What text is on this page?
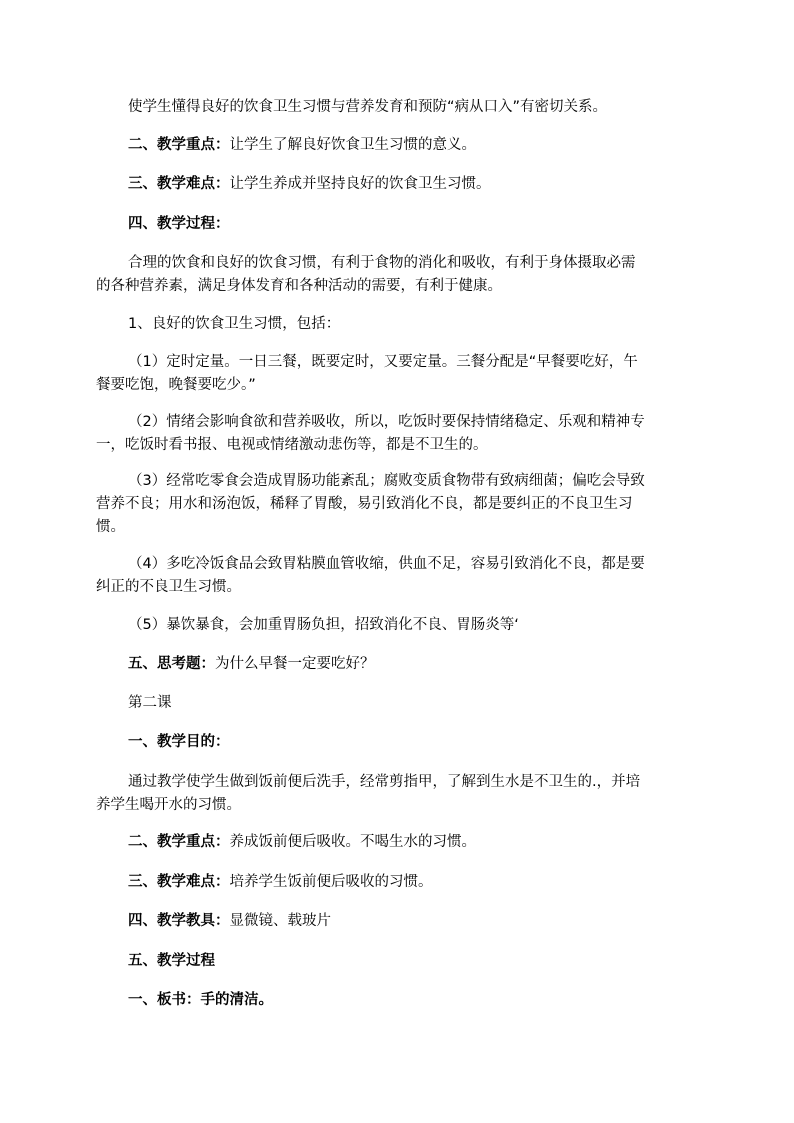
使学生懂得良好的饮食卫生习惯与营养发育和预防“病从口入”有密切关系。
二、教学重点：让学生了解良好饮食卫生习惯的意义。
三、教学难点：让学生养成并坚持良好的饮食卫生习惯。
四、教学过程：
合理的饮食和良好的饮食习惯，有利于食物的消化和吸收，有利于身体摄取必需
的各种营养素，满足身体发育和各种活动的需要，有利于健康。
1、良好的饮食卫生习惯，包括：
（1）定时定量。一日三餐，既要定时，又要定量。三餐分配是“早餐要吃好，午
餐要吃饱，晚餐要吃少。”
（2）情绪会影响食欲和营养吸收，所以，吃饭时要保持情绪稳定、乐观和精神专
一，吃饭时看书报、电视或情绪激动悲伤等，都是不卫生的。
（3）经常吃零食会造成胃肠功能紊乱；腐败变质食物带有致病细菌；偏吃会导致
营养不良；用水和汤泡饭，稀释了胃酸，易引致消化不良，都是要纠正的不良卫生习
惯。
（4）多吃冷饭食品会致胃粘膜血管收缩，供血不足，容易引致消化不良，都是要
纠正的不良卫生习惯。
（5）暴饮暴食，会加重胃肠负担，招致消化不良、胃肠炎等‘
五、思考题：为什么早餐一定要吃好？
第二课
一、教学目的：
通过教学使学生做到饭前便后洗手，经常剪指甲，了解到生水是不卫生的.，并培
养学生喝开水的习惯。
二、教学重点：养成饭前便后吸收。不喝生水的习惯。
三、教学难点：培养学生饭前便后吸收的习惯。
四、教学教具：显微镜、载玻片
五、教学过程
一、板书：手的清洁。
